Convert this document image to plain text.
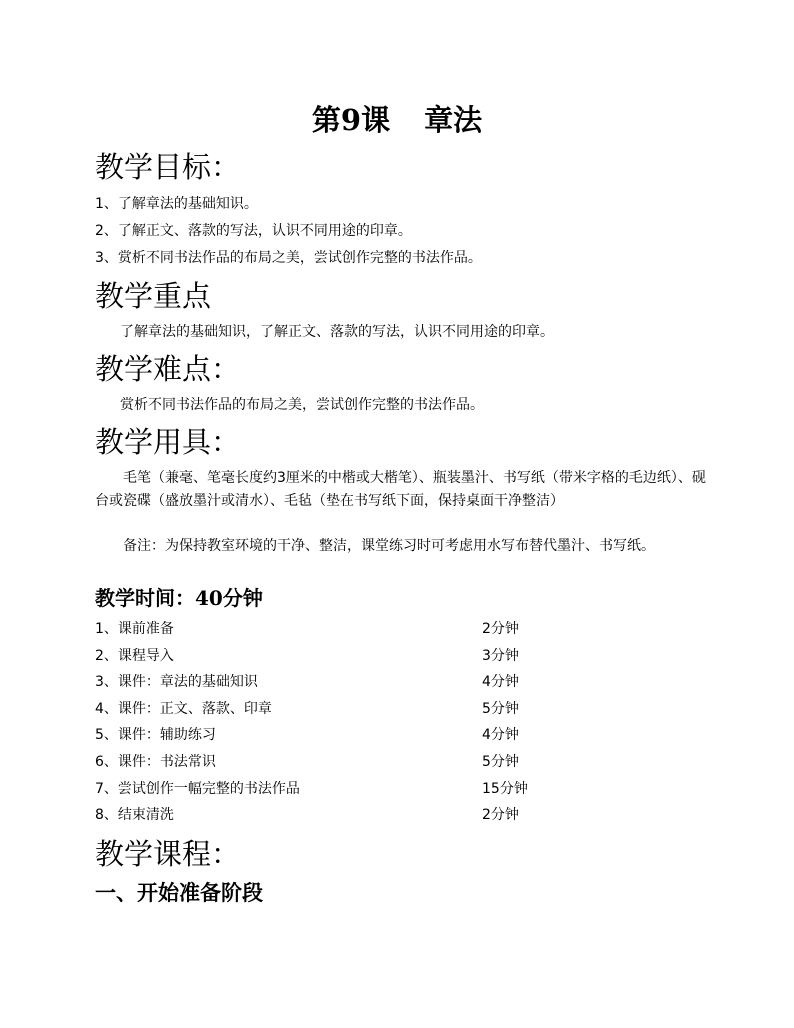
第9课 章法
教学目标：
1、了解章法的基础知识。
2、了解正文、落款的写法，认识不同用途的印章。
3、赏析不同书法作品的布局之美，尝试创作完整的书法作品。
教学重点
了解章法的基础知识，了解正文、落款的写法，认识不同用途的印章。
教学难点：
赏析不同书法作品的布局之美，尝试创作完整的书法作品。
教学用具：
毛笔（兼毫、笔毫长度约3厘米的中楷或大楷笔）、瓶装墨汁、书写纸（带米字格的毛边纸）、砚台或瓷碟（盛放墨汁或清水）、毛毡（垫在书写纸下面，保持桌面干净整洁）
备注：为保持教室环境的干净、整洁，课堂练习时可考虑用水写布替代墨汁、书写纸。
教学时间：40分钟
1、课前准备	2分钟
2、课程导入	3分钟
3、课件：章法的基础知识	4分钟
4、课件：正文、落款、印章	5分钟
5、课件：辅助练习	4分钟
6、课件：书法常识	5分钟
7、尝试创作一幅完整的书法作品	15分钟
8、结束清洗	2分钟
教学课程：
一、开始准备阶段
